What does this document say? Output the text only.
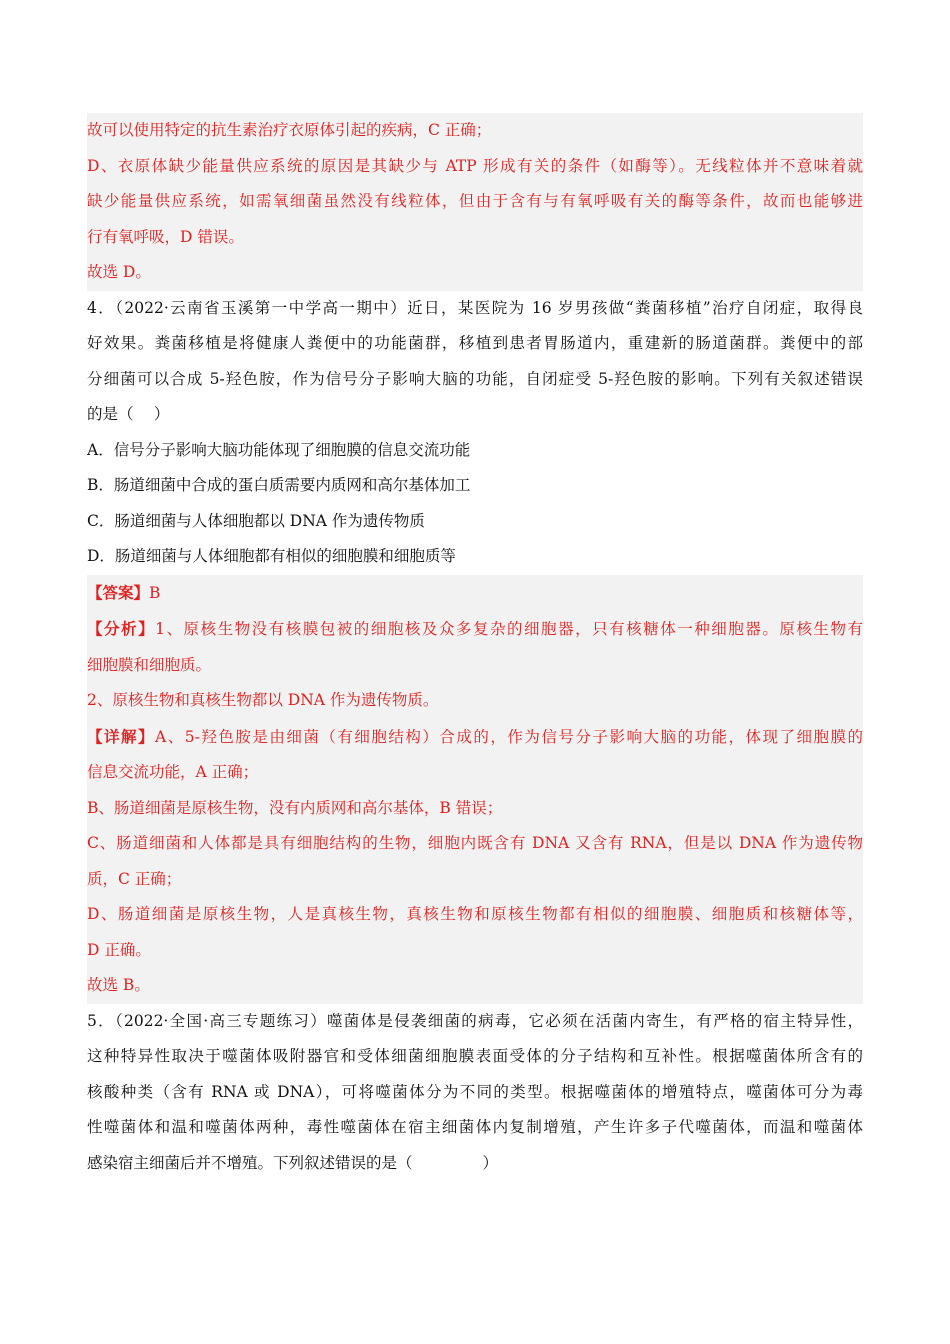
故可以使用特定的抗生素治疗衣原体引起的疾病，C 正确；
D、衣原体缺少能量供应系统的原因是其缺少与 ATP 形成有关的条件（如酶等）。无线粒体并不意味着就
缺少能量供应系统，如需氧细菌虽然没有线粒体，但由于含有与有氧呼吸有关的酶等条件，故而也能够进
行有氧呼吸，D 错误。
故选 D。
4．（2022·云南省玉溪第一中学高一期中）近日，某医院为 16 岁男孩做“粪菌移植”治疗自闭症，取得良
好效果。粪菌移植是将健康人粪便中的功能菌群，移植到患者胃肠道内，重建新的肠道菌群。粪便中的部
分细菌可以合成 5-羟色胺，作为信号分子影响大脑的功能，自闭症受 5-羟色胺的影响。下列有关叙述错误
的是（　 ）
A．信号分子影响大脑功能体现了细胞膜的信息交流功能
B．肠道细菌中合成的蛋白质需要内质网和高尔基体加工
C．肠道细菌与人体细胞都以 DNA 作为遗传物质
D．肠道细菌与人体细胞都有相似的细胞膜和细胞质等
【答案】B
【分析】1、原核生物没有核膜包被的细胞核及众多复杂的细胞器，只有核糖体一种细胞器。原核生物有
细胞膜和细胞质。
2、原核生物和真核生物都以 DNA 作为遗传物质。
【详解】A、5-羟色胺是由细菌（有细胞结构）合成的，作为信号分子影响大脑的功能，体现了细胞膜的
信息交流功能，A 正确；
B、肠道细菌是原核生物，没有内质网和高尔基体，B 错误；
C、肠道细菌和人体都是具有细胞结构的生物，细胞内既含有 DNA 又含有 RNA，但是以 DNA 作为遗传物
质，C 正确；
D、肠道细菌是原核生物，人是真核生物，真核生物和原核生物都有相似的细胞膜、细胞质和核糖体等，
D 正确。
故选 B。
5．（2022·全国·高三专题练习）噬菌体是侵袭细菌的病毒，它必须在活菌内寄生，有严格的宿主特异性，
这种特异性取决于噬菌体吸附器官和受体细菌细胞膜表面受体的分子结构和互补性。根据噬菌体所含有的
核酸种类（含有 RNA 或 DNA），可将噬菌体分为不同的类型。根据噬菌体的增殖特点，噬菌体可分为毒
性噬菌体和温和噬菌体两种，毒性噬菌体在宿主细菌体内复制增殖，产生许多子代噬菌体，而温和噬菌体
感染宿主细菌后并不增殖。下列叙述错误的是（	）
